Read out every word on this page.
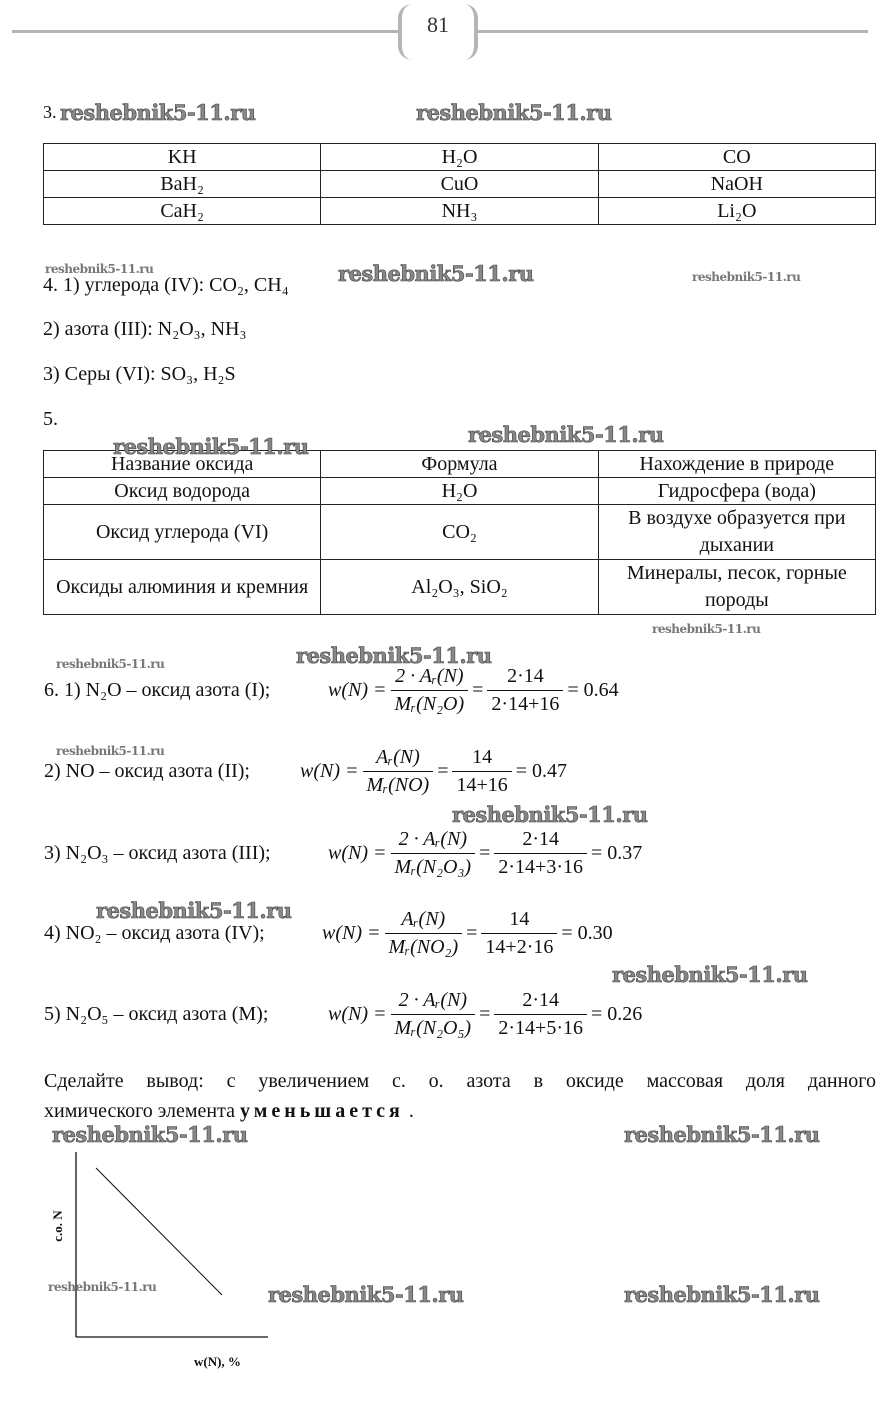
81
3.
KH	H₂O	CO
BaH₂	CuO	NaOH
CaH₂	NH₃	Li₂O
4. 1) углерода (IV): CO₂, CH₄
2) азота (III): N₂O₃, NH₃
3) Серы (VI): SO₃, H₂S
5.
Название оксида	Формула	Нахождение в природе
Оксид водорода	H₂O	Гидросфера (вода)
Оксид углерода (VI)	CO₂	В воздухе образуется при дыхании
Оксиды алюминия и кремния	Al₂O₃, SiO₂	Минералы, песок, горные породы
6. 1) N₂O – оксид азота (I);	$w(N) = \frac{\text{2 · Aᵣ(N)}}{\text{Mᵣ(N₂O)}} = \frac{2\cdot 14}{2\cdot 14+16} = 0.64$
2) NO – оксид азота (II);	$w(N) = \frac{\text{Aᵣ(N)}}{\text{Mᵣ(NO)}} = \frac{14}{14+16} = 0.47$
3) N₂O₃ – оксид азота (III);	$w(N) = \frac{\text{2 · Aᵣ(N)}}{\text{Mᵣ(N₂O₃)}} = \frac{2\cdot 14}{2\cdot 14+3\cdot 16} = 0.37$
4) NO₂ – оксид азота (IV);	$w(N) = \frac{\text{Aᵣ(N)}}{\text{Mᵣ(NO₂)}} = \frac{14}{14+2\cdot 16} = 0.30$
5) N₂O₅ – оксид азота (М);	$w(N) = \frac{\text{2 · Aᵣ(N)}}{\text{Mᵣ(N₂O₅)}} = \frac{2\cdot 14}{2\cdot 14+5\cdot 16} = 0.26$
Сделайте вывод: с увеличением с. о. азота в оксиде массовая доля данного
химического элемента уменьшается .
с.о. N
w(N), %
reshebnik5-11.ru	reshebnik5-11.ru
reshebnik5-11.ru	reshebnik5-11.ru	reshebnik5-11.ru
reshebnik5-11.ru	reshebnik5-11.ru
reshebnik5-11.ru
reshebnik5-11.ru
reshebnik5-11.ru
reshebnik5-11.ru
reshebnik5-11.ru
reshebnik5-11.ru
reshebnik5-11.ru
reshebnik5-11.ru	reshebnik5-11.ru
reshebnik5-11.ru	reshebnik5-11.ru	reshebnik5-11.ru
